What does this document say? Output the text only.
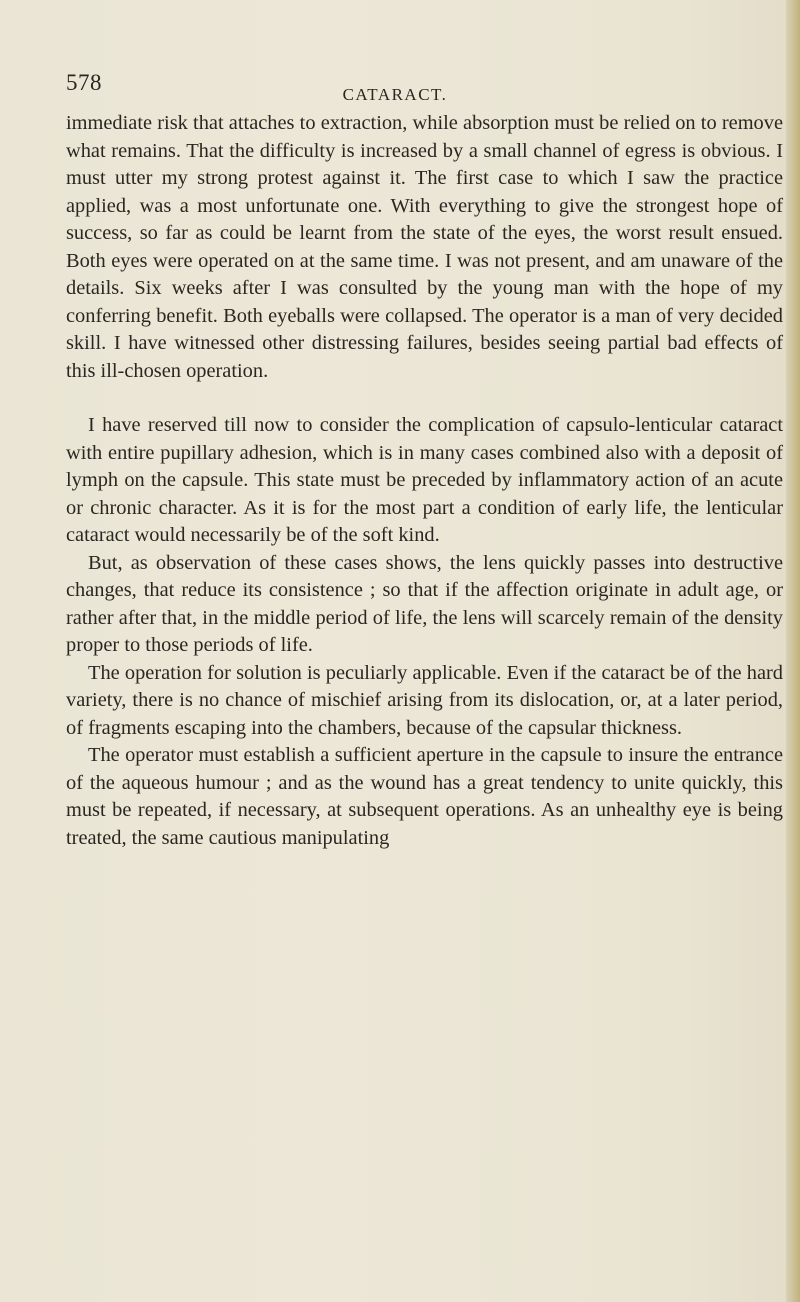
578	CATARACT.

immediate risk that attaches to extraction, while absorption must be relied on to remove what remains. That the difficulty is increased by a small channel of egress is obvious. I must utter my strong protest against it. The first case to which I saw the practice applied, was a most unfortunate one. With everything to give the strongest hope of success, so far as could be learnt from the state of the eyes, the worst result ensued. Both eyes were operated on at the same time. I was not present, and am unaware of the details. Six weeks after I was consulted by the young man with the hope of my conferring benefit. Both eyeballs were collapsed. The operator is a man of very decided skill. I have witnessed other distressing failures, besides seeing partial bad effects of this ill-chosen operation.

I have reserved till now to consider the complication of capsulo-lenticular cataract with entire pupillary adhesion, which is in many cases combined also with a deposit of lymph on the capsule. This state must be preceded by inflammatory action of an acute or chronic character. As it is for the most part a condition of early life, the lenticular cataract would necessarily be of the soft kind.

But, as observation of these cases shows, the lens quickly passes into destructive changes, that reduce its consistence ; so that if the affection originate in adult age, or rather after that, in the middle period of life, the lens will scarcely remain of the density proper to those periods of life.

The operation for solution is peculiarly applicable. Even if the cataract be of the hard variety, there is no chance of mischief arising from its dislocation, or, at a later period, of fragments escaping into the chambers, because of the capsular thickness.

The operator must establish a sufficient aperture in the capsule to insure the entrance of the aqueous humour ; and as the wound has a great tendency to unite quickly, this must be repeated, if necessary, at subsequent operations. As an unhealthy eye is being treated, the same cautious manipulating
